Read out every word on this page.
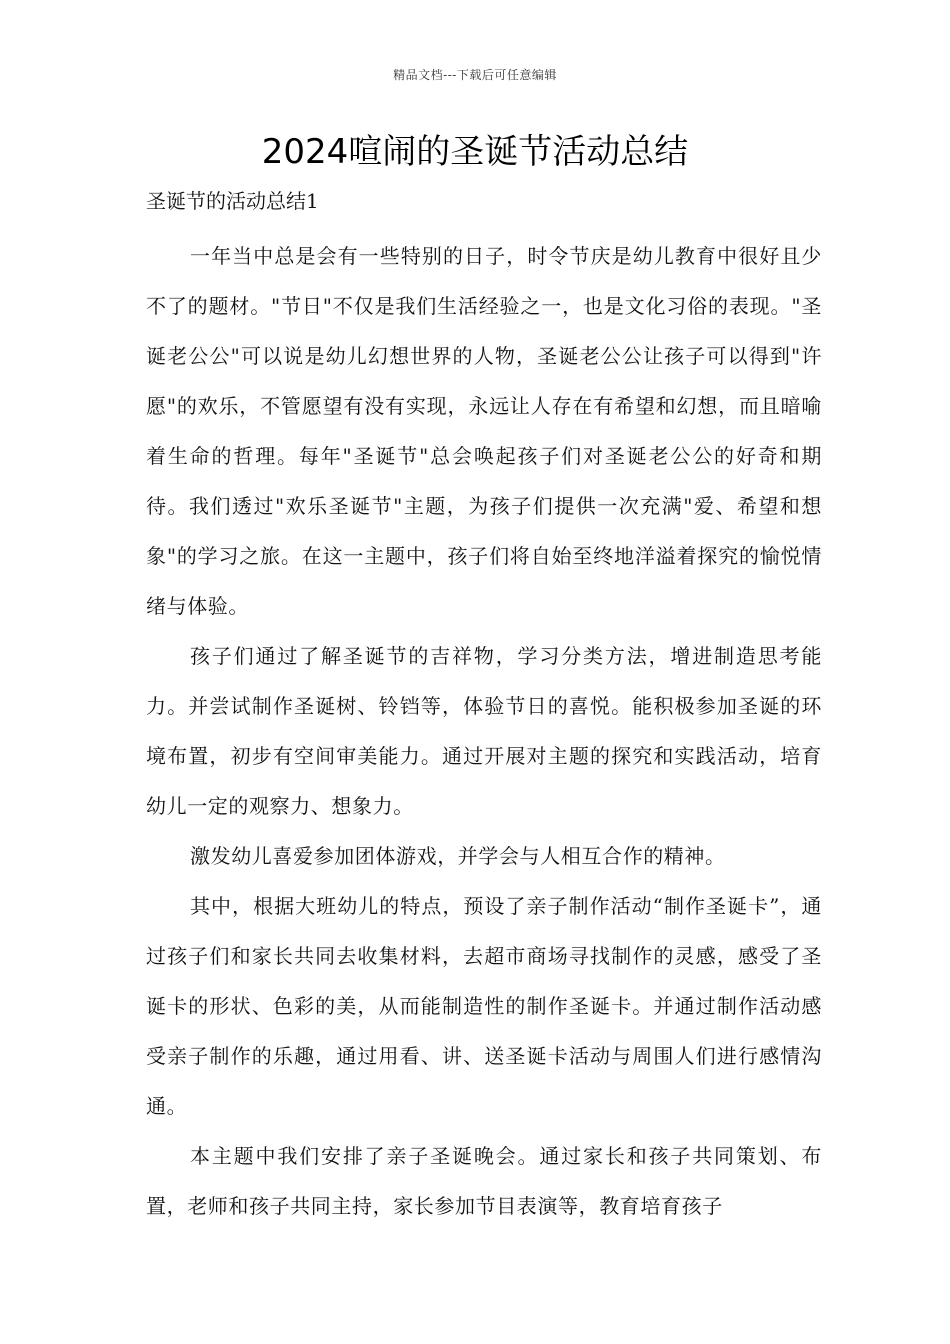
精品文档---下载后可任意编辑
2024喧闹的圣诞节活动总结
圣诞节的活动总结1

一年当中总是会有一些特别的日子，时令节庆是幼儿教育中很好且少不了的题材。"节日"不仅是我们生活经验之一，也是文化习俗的表现。"圣诞老公公"可以说是幼儿幻想世界的人物，圣诞老公公让孩子可以得到"许愿"的欢乐，不管愿望有没有实现，永远让人存在有希望和幻想，而且暗喻着生命的哲理。每年"圣诞节"总会唤起孩子们对圣诞老公公的好奇和期待。我们透过"欢乐圣诞节"主题，为孩子们提供一次充满"爱、希望和想象"的学习之旅。在这一主题中，孩子们将自始至终地洋溢着探究的愉悦情绪与体验。

孩子们通过了解圣诞节的吉祥物，学习分类方法，增进制造思考能力。并尝试制作圣诞树、铃铛等，体验节日的喜悦。能积极参加圣诞的环境布置，初步有空间审美能力。通过开展对主题的探究和实践活动，培育幼儿一定的观察力、想象力。

激发幼儿喜爱参加团体游戏，并学会与人相互合作的精神。

其中，根据大班幼儿的特点，预设了亲子制作活动“制作圣诞卡”，通过孩子们和家长共同去收集材料，去超市商场寻找制作的灵感，感受了圣诞卡的形状、色彩的美，从而能制造性的制作圣诞卡。并通过制作活动感受亲子制作的乐趣，通过用看、讲、送圣诞卡活动与周围人们进行感情沟通。

本主题中我们安排了亲子圣诞晚会。通过家长和孩子共同策划、布置，老师和孩子共同主持，家长参加节目表演等，教育培育孩子
